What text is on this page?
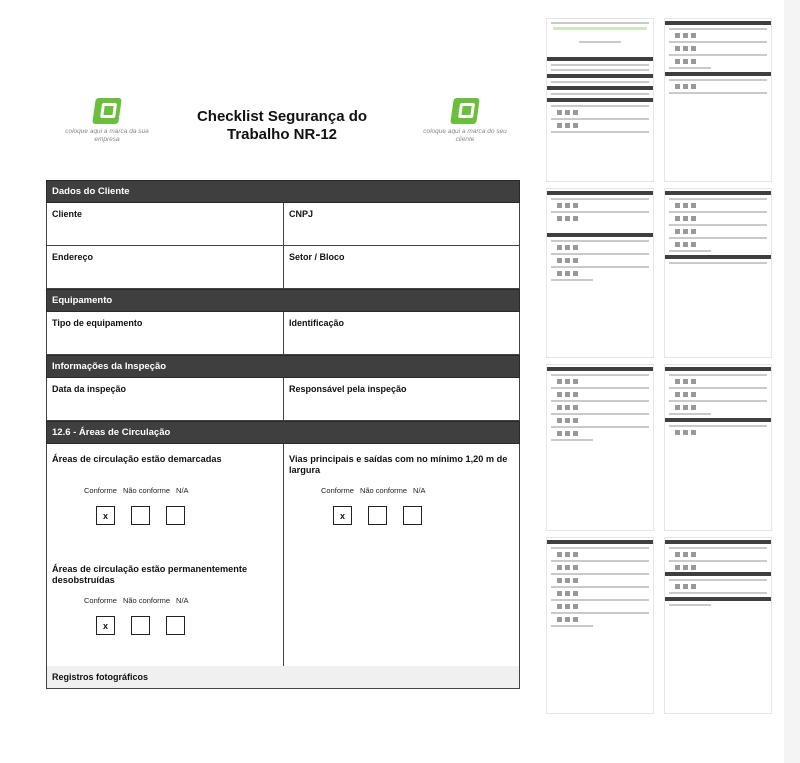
coloque aqui a marca da sua empresa
Checklist Segurança do Trabalho NR-12	coloque aqui a marca do seu cliente
Dados do Cliente
Cliente	CNPJ
Endereço	Setor / Bloco
Equipamento
Tipo de equipamento	Identificação
Informações da Inspeção
Data da inspeção	Responsável pela inspeção
12.6 - Áreas de Circulação
Áreas de circulação estão demarcadas
Conforme Não conforme N/A
x
Vias principais e saídas com no mínimo 1,20 m de largura
Conforme Não conforme N/A
x
Áreas de circulação estão permanentemente desobstruídas
Conforme Não conforme N/A
x
Registros fotográficos
